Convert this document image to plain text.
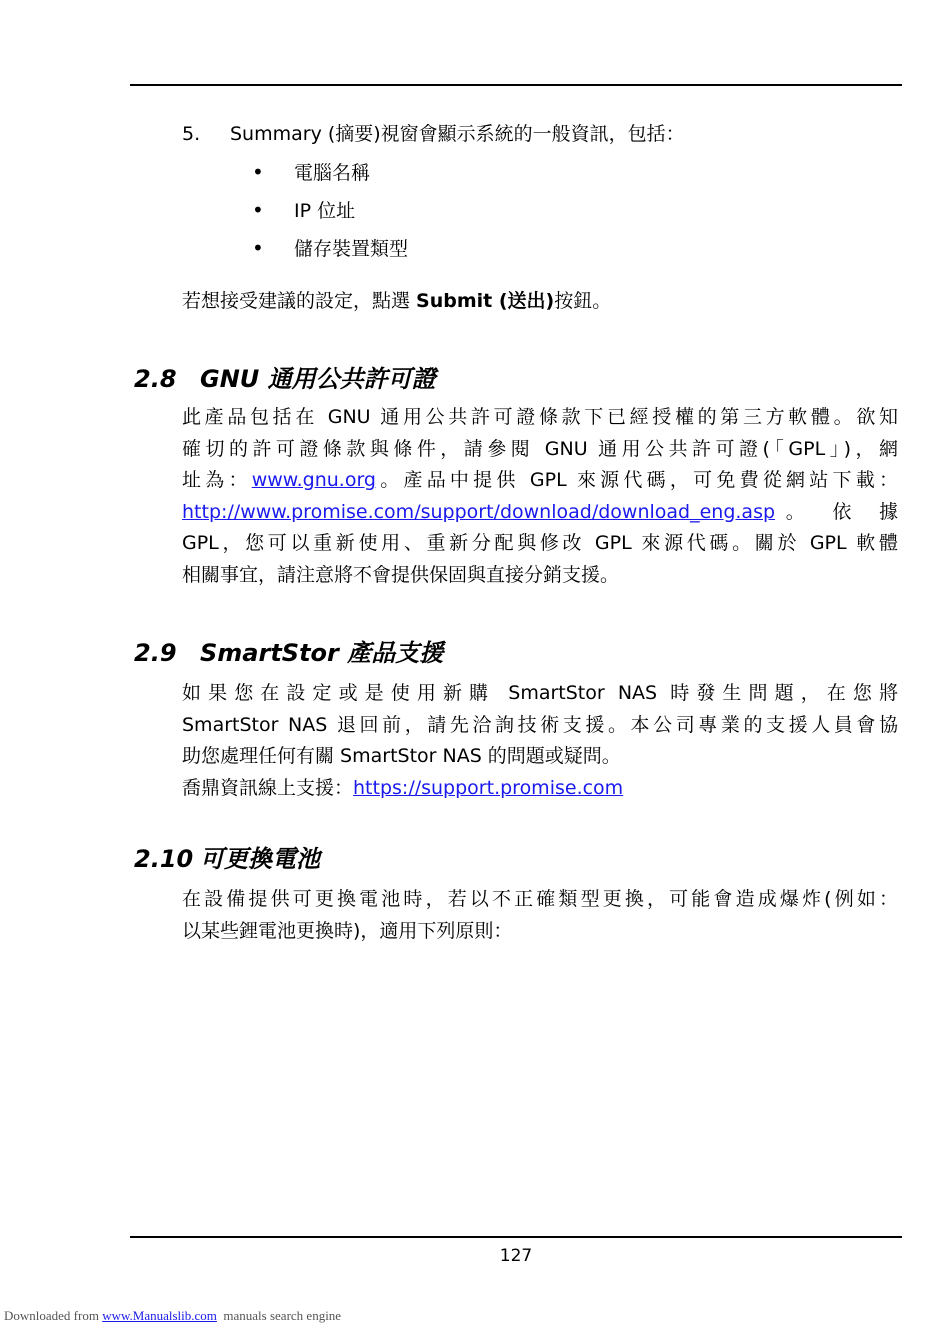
5. Summary (摘要)視窗會顯示系統的一般資訊，包括：
• 電腦名稱
• IP 位址
• 儲存裝置類型
若想接受建議的設定，點選 Submit (送出)按鈕。
2.8 GNU 通用公共許可證
此產品包括在 GNU 通用公共許可證條款下已經授權的第三方軟體。欲知
確切的許可證條款與條件，請參閱 GNU 通用公共許可證(「GPL」)，網
址為：www.gnu.org。產品中提供 GPL 來源代碼，可免費從網站下載：
http://www.promise.com/support/download/download_eng.asp。 依 據
GPL，您可以重新使用、重新分配與修改 GPL 來源代碼。關於 GPL 軟體
相關事宜，請注意將不會提供保固與直接分銷支援。
2.9 SmartStor 產品支援
如果您在設定或是使用新購 SmartStor NAS 時發生問題，在您將
SmartStor NAS 退回前，請先洽詢技術支援。本公司專業的支援人員會協
助您處理任何有關 SmartStor NAS 的問題或疑問。
喬鼎資訊線上支援：https://support.promise.com
2.10 可更換電池
在設備提供可更換電池時，若以不正確類型更換，可能會造成爆炸(例如：
以某些鋰電池更換時)，適用下列原則：
127
Downloaded from www.Manualslib.com  manuals search engine
